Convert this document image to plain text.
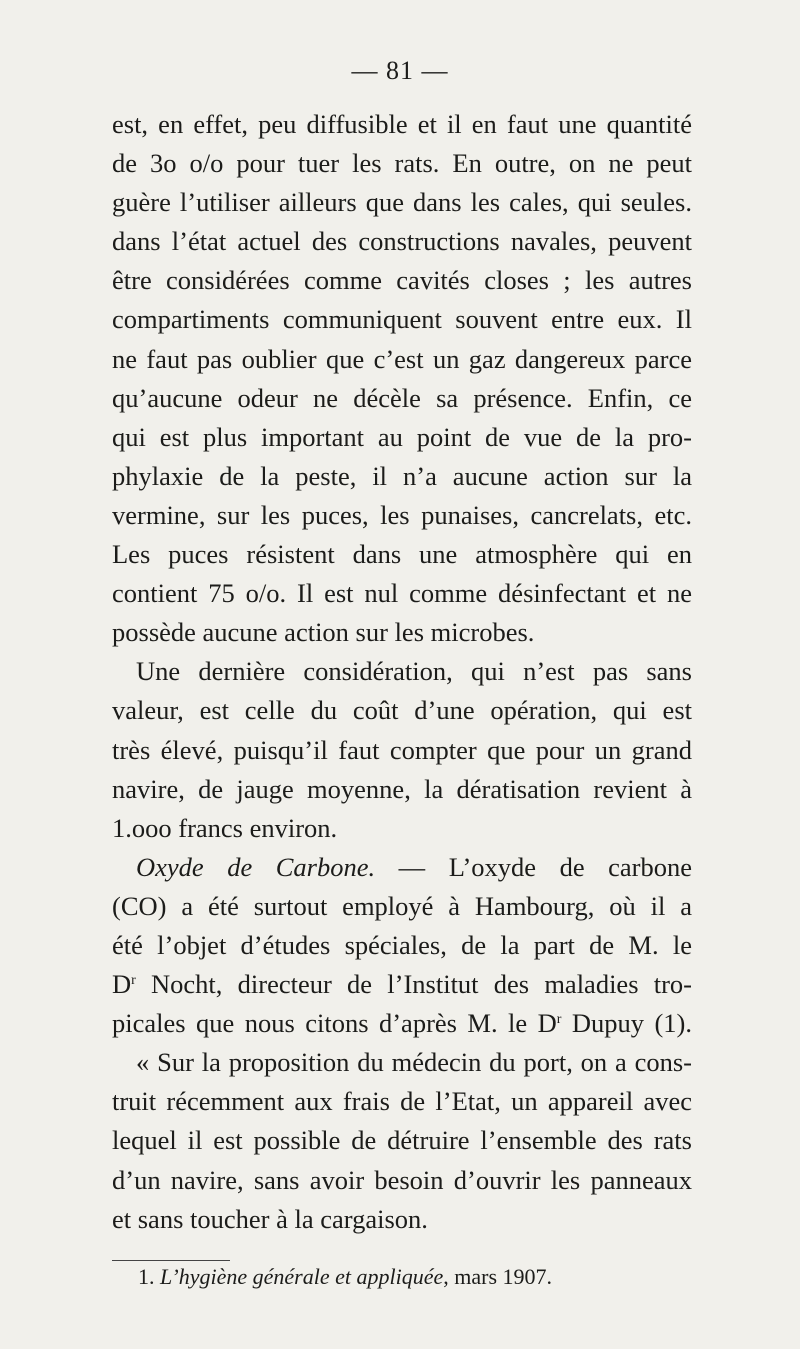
— 81 —
est, en effet, peu diffusible et il en faut une quantité
de 3o o/o pour tuer les rats. En outre, on ne peut
guère l’utiliser ailleurs que dans les cales, qui seules.
dans l’état actuel des constructions navales, peuvent
être considérées comme cavités closes ; les autres
compartiments communiquent souvent entre eux. Il
ne faut pas oublier que c’est un gaz dangereux parce
qu’aucune odeur ne décèle sa présence. Enfin, ce
qui est plus important au point de vue de la pro-
phylaxie de la peste, il n’a aucune action sur la
vermine, sur les puces, les punaises, cancrelats, etc.
Les puces résistent dans une atmosphère qui en
contient 75 o/o. Il est nul comme désinfectant et ne
possède aucune action sur les microbes.
Une dernière considération, qui n’est pas sans
valeur, est celle du coût d’une opération, qui est
très élevé, puisqu’il faut compter que pour un grand
navire, de jauge moyenne, la dératisation revient à
1.ooo francs environ.
Oxyde de Carbone. — L’oxyde de carbone
(CO) a été surtout employé à Hambourg, où il a
été l’objet d’études spéciales, de la part de M. le
$D^r$ Nocht, directeur de l’Institut des maladies tro-
picales que nous citons d’après M. le $D^r$ Dupuy (1).
« Sur la proposition du médecin du port, on a cons-
truit récemment aux frais de l’Etat, un appareil avec
lequel il est possible de détruire l’ensemble des rats
d’un navire, sans avoir besoin d’ouvrir les panneaux
et sans toucher à la cargaison.
1. L’hygiène générale et appliquée, mars 1907.
